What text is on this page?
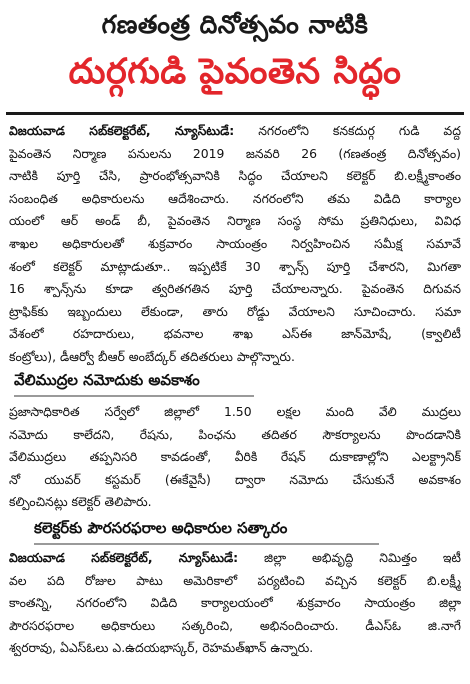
గణతంత్ర దినోత్సవం నాటికి
దుర్గగుడి పైవంతెన సిద్ధం
విజయవాడ సబ్‌కలెక్టరేట్, న్యూస్‌టుడే: నగరంలోని కనకదుర్గ గుడి వద్ద
పైవంతెన నిర్మాణ పనులను 2019 జనవరి 26 (గణతంత్ర దినోత్సవం)
నాటికి పూర్తి చేసి, ప్రారంభోత్సవానికి సిద్ధం చేయాలని కలెక్టర్ బి.లక్ష్మీకాంతం
సంబంధిత అధికారులను ఆదేశించారు. నగరంలోని తమ విడిది కార్యాల
యంలో ఆర్ అండ్ బీ, పైవంతెన నిర్మాణ సంస్థ సోమ ప్రతినిధులు, వివిధ
శాఖల అధికారులతో శుక్రవారం సాయంత్రం నిర్వహించిన సమీక్ష సమావే
శంలో కలెక్టర్ మాట్లాడుతూ.. ఇప్పటికే 30 శ్పాన్స్ పూర్తి చేశారని, మిగతా
16 శ్పాన్స్‌ను కూడా త్వరితగతిన పూర్తి చేయాలన్నారు. పైవంతెన దిగువన
ట్రాఫిక్‌కు ఇబ్బందులు లేకుండా, తారు రోడ్డు వేయాలని సూచించారు. సమా
వేశంలో రహదారులు, భవనాల శాఖ ఎస్‌ఈ జాన్‌మోషే, (క్వాలిటీ
కంట్రోలు), డీఆర్వో బీఆర్ అంబేద్కర్ తదితరులు పాల్గొన్నారు.
వేలిముద్రల నమోదుకు అవకాశం
ప్రజాసాధికారిత సర్వేలో జిల్లాలో 1.50 లక్షల మంది వేలి ముద్రలు
నమోదు కాలేదని, రేషను, పింఛను తదితర సౌకర్యాలను పొందడానికి
వేలిముద్రలు తప్పనిసరి కావడంతో, వీరికి రేషన్ దుకాణాల్లోని ఎలక్ట్రానిక్
నో యువర్ కస్టమర్ (ఈకేవైసీ) ద్వారా నమోదు చేసుకునే అవకాశం
కల్పించినట్లు కలెక్టర్ తెలిపారు.
కలెక్టర్‌కు పౌరసరఫరాల అధికారుల సత్కారం
విజయవాడ సబ్‌కలెక్టరేట్, న్యూస్‌టుడే: జిల్లా అభివృద్ధి నిమిత్తం ఇటీ
వల పది రోజుల పాటు అమెరికాలో పర్యటించి వచ్చిన కలెక్టర్ బి.లక్ష్మీ
కాంతన్ని, నగరంలోని విడిది కార్యాలయంలో శుక్రవారం సాయంత్రం జిల్లా
పౌరసరఫరాల అధికారులు సత్కరించి, అభినందించారు. డీఎస్ఓ జి.నాగే
శ్వరరావు, ఏఎస్ఓలు ఎ.ఉదయభాస్కర్, రెహమత్‌ఖాన్ ఉన్నారు.
